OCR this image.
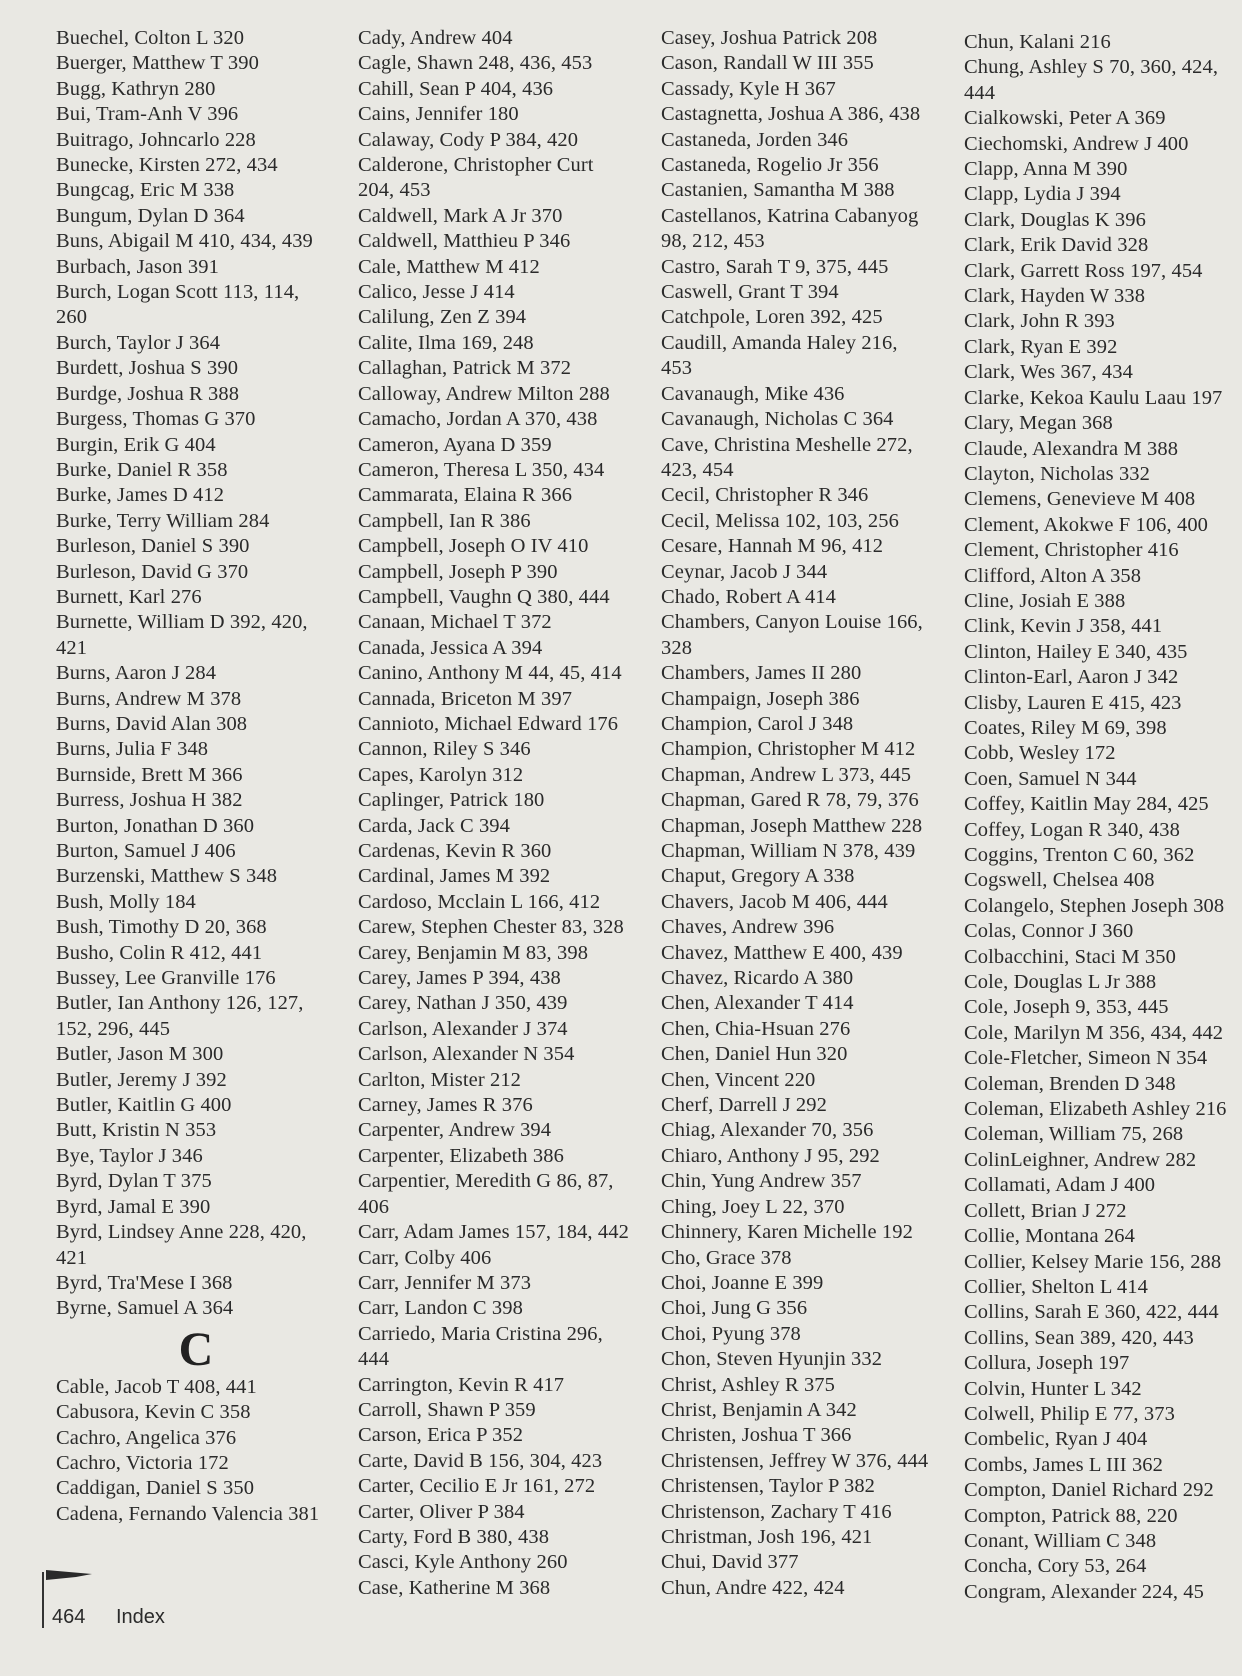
Buechel, Colton L 320
Buerger, Matthew T 390
Bugg, Kathryn 280
Bui, Tram-Anh V 396
Buitrago, Johncarlo 228
Bunecke, Kirsten 272, 434
Bungcag, Eric M 338
Bungum, Dylan D 364
Buns, Abigail M 410, 434, 439
Burbach, Jason 391
Burch, Logan Scott 113, 114,
260
Burch, Taylor J 364
Burdett, Joshua S 390
Burdge, Joshua R 388
Burgess, Thomas G 370
Burgin, Erik G 404
Burke, Daniel R 358
Burke, James D 412
Burke, Terry William 284
Burleson, Daniel S 390
Burleson, David G 370
Burnett, Karl 276
Burnette, William D 392, 420,
421
Burns, Aaron J 284
Burns, Andrew M 378
Burns, David Alan 308
Burns, Julia F 348
Burnside, Brett M 366
Burress, Joshua H 382
Burton, Jonathan D 360
Burton, Samuel J 406
Burzenski, Matthew S 348
Bush, Molly 184
Bush, Timothy D 20, 368
Busho, Colin R 412, 441
Bussey, Lee Granville 176
Butler, Ian Anthony 126, 127,
152, 296, 445
Butler, Jason M 300
Butler, Jeremy J 392
Butler, Kaitlin G 400
Butt, Kristin N 353
Bye, Taylor J 346
Byrd, Dylan T 375
Byrd, Jamal E 390
Byrd, Lindsey Anne 228, 420,
421
Byrd, Tra'Mese I 368
Byrne, Samuel A 364
C
Cable, Jacob T 408, 441
Cabusora, Kevin C 358
Cachro, Angelica 376
Cachro, Victoria 172
Caddigan, Daniel S 350
Cadena, Fernando Valencia 381
Cady, Andrew 404
Cagle, Shawn 248, 436, 453
Cahill, Sean P 404, 436
Cains, Jennifer 180
Calaway, Cody P 384, 420
Calderone, Christopher Curt
204, 453
Caldwell, Mark A Jr 370
Caldwell, Matthieu P 346
Cale, Matthew M 412
Calico, Jesse J 414
Calilung, Zen Z 394
Calite, Ilma 169, 248
Callaghan, Patrick M 372
Calloway, Andrew Milton 288
Camacho, Jordan A 370, 438
Cameron, Ayana D 359
Cameron, Theresa L 350, 434
Cammarata, Elaina R 366
Campbell, Ian R 386
Campbell, Joseph O IV 410
Campbell, Joseph P 390
Campbell, Vaughn Q 380, 444
Canaan, Michael T 372
Canada, Jessica A 394
Canino, Anthony M 44, 45, 414
Cannada, Briceton M 397
Cannioto, Michael Edward 176
Cannon, Riley S 346
Capes, Karolyn 312
Caplinger, Patrick 180
Carda, Jack C 394
Cardenas, Kevin R 360
Cardinal, James M 392
Cardoso, Mcclain L 166, 412
Carew, Stephen Chester 83, 328
Carey, Benjamin M 83, 398
Carey, James P 394, 438
Carey, Nathan J 350, 439
Carlson, Alexander J 374
Carlson, Alexander N 354
Carlton, Mister 212
Carney, James R 376
Carpenter, Andrew 394
Carpenter, Elizabeth 386
Carpentier, Meredith G 86, 87,
406
Carr, Adam James 157, 184, 442
Carr, Colby 406
Carr, Jennifer M 373
Carr, Landon C 398
Carriedo, Maria Cristina 296,
444
Carrington, Kevin R 417
Carroll, Shawn P 359
Carson, Erica P 352
Carte, David B 156, 304, 423
Carter, Cecilio E Jr 161, 272
Carter, Oliver P 384
Carty, Ford B 380, 438
Casci, Kyle Anthony 260
Case, Katherine M 368
Casey, Joshua Patrick 208
Cason, Randall W III 355
Cassady, Kyle H 367
Castagnetta, Joshua A 386, 438
Castaneda, Jorden 346
Castaneda, Rogelio Jr 356
Castanien, Samantha M 388
Castellanos, Katrina Cabanyog
98, 212, 453
Castro, Sarah T 9, 375, 445
Caswell, Grant T 394
Catchpole, Loren 392, 425
Caudill, Amanda Haley 216,
453
Cavanaugh, Mike 436
Cavanaugh, Nicholas C 364
Cave, Christina Meshelle 272,
423, 454
Cecil, Christopher R 346
Cecil, Melissa 102, 103, 256
Cesare, Hannah M 96, 412
Ceynar, Jacob J 344
Chado, Robert A 414
Chambers, Canyon Louise 166,
328
Chambers, James II 280
Champaign, Joseph 386
Champion, Carol J 348
Champion, Christopher M 412
Chapman, Andrew L 373, 445
Chapman, Gared R 78, 79, 376
Chapman, Joseph Matthew 228
Chapman, William N 378, 439
Chaput, Gregory A 338
Chavers, Jacob M 406, 444
Chaves, Andrew 396
Chavez, Matthew E 400, 439
Chavez, Ricardo A 380
Chen, Alexander T 414
Chen, Chia-Hsuan 276
Chen, Daniel Hun 320
Chen, Vincent 220
Cherf, Darrell J 292
Chiag, Alexander 70, 356
Chiaro, Anthony J 95, 292
Chin, Yung Andrew 357
Ching, Joey L 22, 370
Chinnery, Karen Michelle 192
Cho, Grace 378
Choi, Joanne E 399
Choi, Jung G 356
Choi, Pyung 378
Chon, Steven Hyunjin 332
Christ, Ashley R 375
Christ, Benjamin A 342
Christen, Joshua T 366
Christensen, Jeffrey W 376, 444
Christensen, Taylor P 382
Christenson, Zachary T 416
Christman, Josh 196, 421
Chui, David 377
Chun, Andre 422, 424
Chun, Kalani 216
Chung, Ashley S 70, 360, 424,
444
Cialkowski, Peter A 369
Ciechomski, Andrew J 400
Clapp, Anna M 390
Clapp, Lydia J 394
Clark, Douglas K 396
Clark, Erik David 328
Clark, Garrett Ross 197, 454
Clark, Hayden W 338
Clark, John R 393
Clark, Ryan E 392
Clark, Wes 367, 434
Clarke, Kekoa Kaulu Laau 197
Clary, Megan 368
Claude, Alexandra M 388
Clayton, Nicholas 332
Clemens, Genevieve M 408
Clement, Akokwe F 106, 400
Clement, Christopher 416
Clifford, Alton A 358
Cline, Josiah E 388
Clink, Kevin J 358, 441
Clinton, Hailey E 340, 435
Clinton-Earl, Aaron J 342
Clisby, Lauren E 415, 423
Coates, Riley M 69, 398
Cobb, Wesley 172
Coen, Samuel N 344
Coffey, Kaitlin May 284, 425
Coffey, Logan R 340, 438
Coggins, Trenton C 60, 362
Cogswell, Chelsea 408
Colangelo, Stephen Joseph 308
Colas, Connor J 360
Colbacchini, Staci M 350
Cole, Douglas L Jr 388
Cole, Joseph 9, 353, 445
Cole, Marilyn M 356, 434, 442
Cole-Fletcher, Simeon N 354
Coleman, Brenden D 348
Coleman, Elizabeth Ashley 216
Coleman, William 75, 268
ColinLeighner, Andrew 282
Collamati, Adam J 400
Collett, Brian J 272
Collie, Montana 264
Collier, Kelsey Marie 156, 288
Collier, Shelton L 414
Collins, Sarah E 360, 422, 444
Collins, Sean 389, 420, 443
Collura, Joseph 197
Colvin, Hunter L 342
Colwell, Philip E 77, 373
Combelic, Ryan J 404
Combs, James L III 362
Compton, Daniel Richard 292
Compton, Patrick 88, 220
Conant, William C 348
Concha, Cory 53, 264
Congram, Alexander 224, 45
464 Index
